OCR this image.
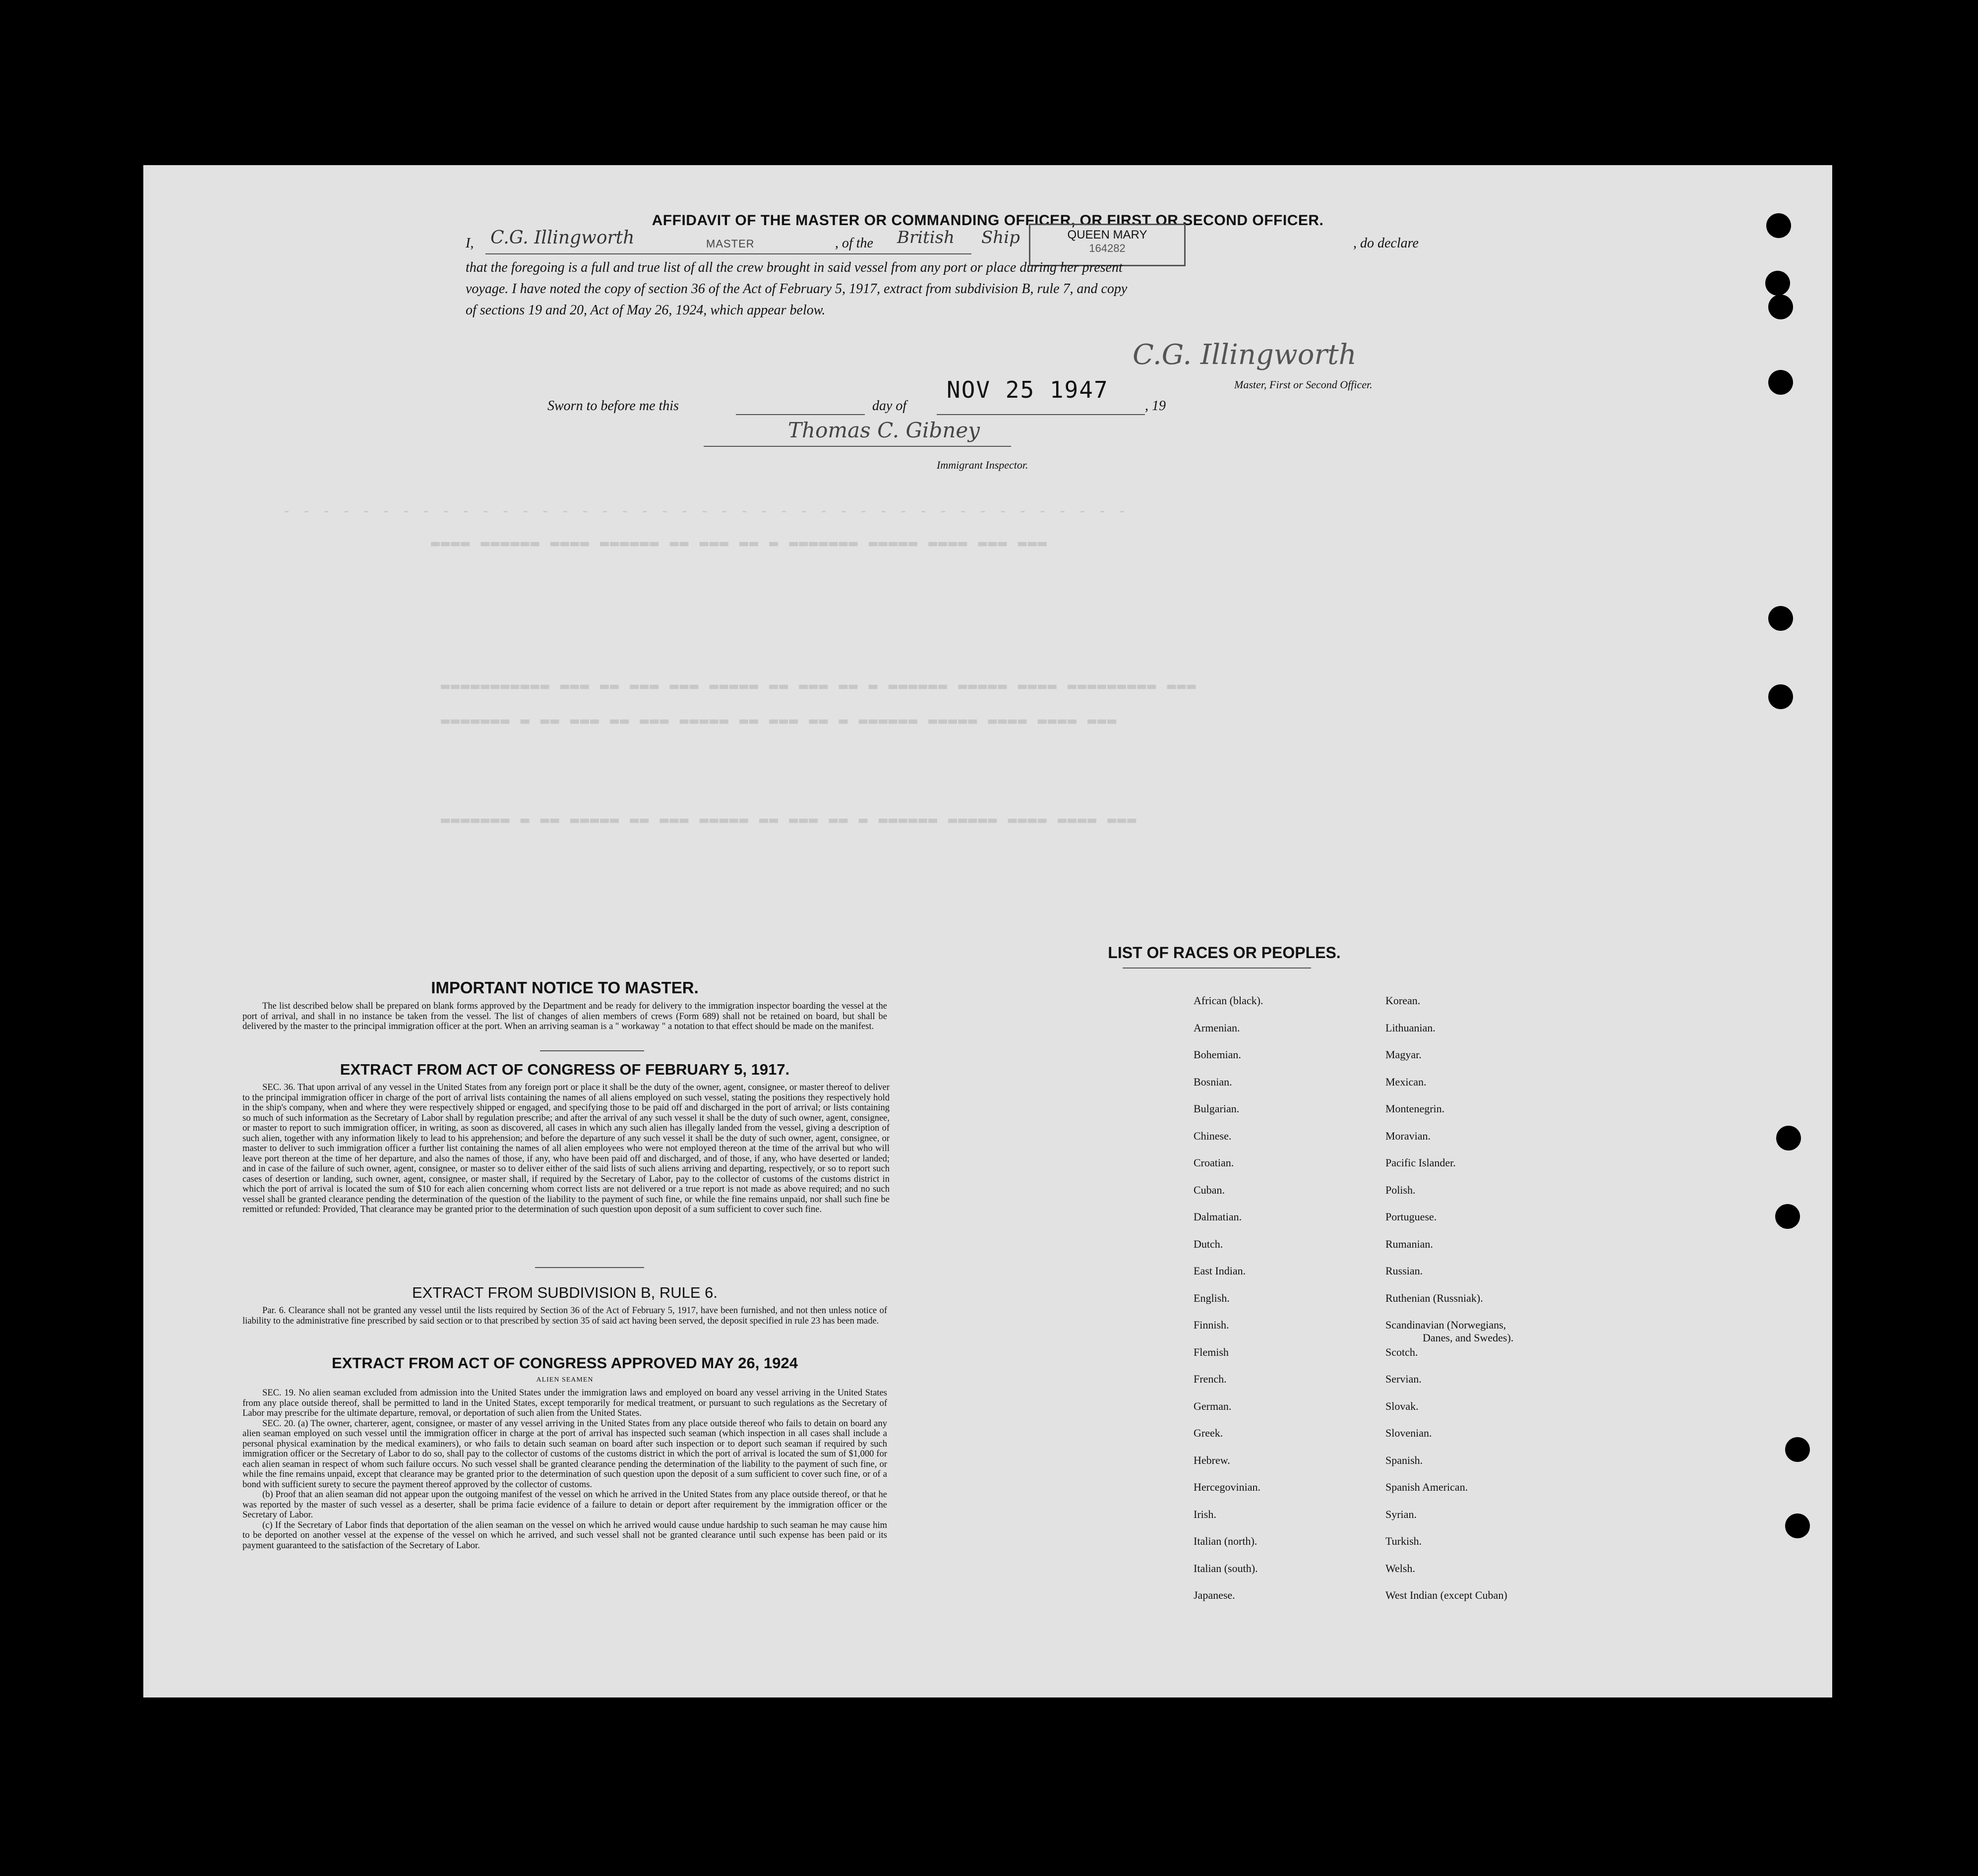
- - - - - - - - - - - - - - - - - - - - - - - - - - - - - - - - - - - - - - - - - - -
▬▬▬▬ ▬▬▬▬▬▬ ▬▬▬▬ ▬▬▬▬▬▬ ▬▬ ▬▬▬ ▬▬ ▬ ▬▬▬▬▬▬▬ ▬▬▬▬▬ ▬▬▬▬ ▬▬▬ ▬▬▬
▬▬▬▬▬▬▬▬▬▬▬ ▬▬▬ ▬▬ ▬▬▬ ▬▬▬ ▬▬▬▬▬ ▬▬ ▬▬▬ ▬▬ ▬ ▬▬▬▬▬▬ ▬▬▬▬▬ ▬▬▬▬ ▬▬▬▬▬▬▬▬▬ ▬▬▬
▬▬▬▬▬▬▬ ▬ ▬▬ ▬▬▬ ▬▬ ▬▬▬ ▬▬▬▬▬ ▬▬ ▬▬▬ ▬▬ ▬ ▬▬▬▬▬▬ ▬▬▬▬▬ ▬▬▬▬ ▬▬▬▬ ▬▬▬
▬▬▬▬▬▬▬ ▬ ▬▬ ▬▬▬▬▬ ▬▬ ▬▬▬ ▬▬▬▬▬ ▬▬ ▬▬▬ ▬▬ ▬ ▬▬▬▬▬▬ ▬▬▬▬▬ ▬▬▬▬ ▬▬▬▬ ▬▬▬
AFFIDAVIT OF THE MASTER OR COMMANDING OFFICER, OR FIRST OR SECOND OFFICER.
I, C.G. Illingworth	MASTER	, of the British Ship	QUEEN MARY
164282	, do declare
that the foregoing is a full and true list of all the crew brought in said vessel from any port or place during her present
voyage. I have noted the copy of section 36 of the Act of February 5, 1917, extract from subdivision B, rule 7, and copy
of sections 19 and 20, Act of May 26, 1924, which appear below.
C.G. Illingworth
Master, First or Second Officer.
NOV 25 1947
Sworn to before me this	day of	, 19
Thomas C. Gibney
Immigrant Inspector.
IMPORTANT NOTICE TO MASTER.
The list described below shall be prepared on blank forms approved by the Department and be ready for delivery to the immigration inspector boarding the vessel at the port of arrival, and shall in no instance be taken from the vessel. The list of changes of alien members of crews (Form 689) shall not be retained on board, but shall be delivered by the master to the principal immigration officer at the port. When an arriving seaman is a " workaway " a notation to that effect should be made on the manifest.
EXTRACT FROM ACT OF CONGRESS OF FEBRUARY 5, 1917.
SEC. 36. That upon arrival of any vessel in the United States from any foreign port or place it shall be the duty of the owner, agent, consignee, or master thereof to deliver to the principal immigration officer in charge of the port of arrival lists containing the names of all aliens employed on such vessel, stating the positions they respectively hold in the ship's company, when and where they were respectively shipped or engaged, and specifying those to be paid off and discharged in the port of arrival; or lists containing so much of such information as the Secretary of Labor shall by regulation prescribe; and after the arrival of any such vessel it shall be the duty of such owner, agent, consignee, or master to report to such immigration officer, in writing, as soon as discovered, all cases in which any such alien has illegally landed from the vessel, giving a description of such alien, together with any information likely to lead to his apprehension; and before the departure of any such vessel it shall be the duty of such owner, agent, consignee, or master to deliver to such immigration officer a further list containing the names of all alien employees who were not employed thereon at the time of the arrival but who will leave port thereon at the time of her departure, and also the names of those, if any, who have been paid off and discharged, and of those, if any, who have deserted or landed; and in case of the failure of such owner, agent, consignee, or master so to deliver either of the said lists of such aliens arriving and departing, respectively, or so to report such cases of desertion or landing, such owner, agent, consignee, or master shall, if required by the Secretary of Labor, pay to the collector of customs of the customs district in which the port of arrival is located the sum of $10 for each alien concerning whom correct lists are not delivered or a true report is not made as above required; and no such vessel shall be granted clearance pending the determination of the question of the liability to the payment of such fine, or while the fine remains unpaid, nor shall such fine be remitted or refunded: Provided, That clearance may be granted prior to the determination of such question upon deposit of a sum sufficient to cover such fine.
EXTRACT FROM SUBDIVISION B, RULE 6.
Par. 6. Clearance shall not be granted any vessel until the lists required by Section 36 of the Act of February 5, 1917, have been furnished, and not then unless notice of liability to the administrative fine prescribed by said section or to that prescribed by section 35 of said act having been served, the deposit specified in rule 23 has been made.
EXTRACT FROM ACT OF CONGRESS APPROVED MAY 26, 1924
ALIEN SEAMEN
SEC. 19. No alien seaman excluded from admission into the United States under the immigration laws and employed on board any vessel arriving in the United States from any place outside thereof, shall be permitted to land in the United States, except temporarily for medical treatment, or pursuant to such regulations as the Secretary of Labor may prescribe for the ultimate departure, removal, or deportation of such alien from the United States.
SEC. 20. (a) The owner, charterer, agent, consignee, or master of any vessel arriving in the United States from any place outside thereof who fails to detain on board any alien seaman employed on such vessel until the immigration officer in charge at the port of arrival has inspected such seaman (which inspection in all cases shall include a personal physical examination by the medical examiners), or who fails to detain such seaman on board after such inspection or to deport such seaman if required by such immigration officer or the Secretary of Labor to do so, shall pay to the collector of customs of the customs district in which the port of arrival is located the sum of $1,000 for each alien seaman in respect of whom such failure occurs. No such vessel shall be granted clearance pending the determination of the liability to the payment of such fine, or while the fine remains unpaid, except that clearance may be granted prior to the determination of such question upon the deposit of a sum sufficient to cover such fine, or of a bond with sufficient surety to secure the payment thereof approved by the collector of customs.
(b) Proof that an alien seaman did not appear upon the outgoing manifest of the vessel on which he arrived in the United States from any place outside thereof, or that he was reported by the master of such vessel as a deserter, shall be prima facie evidence of a failure to detain or deport after requirement by the immigration officer or the Secretary of Labor.
(c) If the Secretary of Labor finds that deportation of the alien seaman on the vessel on which he arrived would cause undue hardship to such seaman he may cause him to be deported on another vessel at the expense of the vessel on which he arrived, and such vessel shall not be granted clearance until such expense has been paid or its payment guaranteed to the satisfaction of the Secretary of Labor.
LIST OF RACES OR PEOPLES.
African (black).
Armenian.
Bohemian.
Bosnian.
Bulgarian.
Chinese.
Croatian.
Cuban.
Dalmatian.
Dutch.
East Indian.
English.
Finnish.
Flemish
French.
German.
Greek.
Hebrew.
Hercegovinian.
Irish.
Italian (north).
Italian (south).
Japanese.
Korean.
Lithuanian.
Magyar.
Mexican.
Montenegrin.
Moravian.
Pacific Islander.
Polish.
Portuguese.
Rumanian.
Russian.
Ruthenian (Russniak).
Scandinavian (Norwegians,
Scotch.
Servian.
Slovak.
Slovenian.
Spanish.
Spanish American.
Syrian.
Turkish.
Welsh.
West Indian (except Cuban)
Danes, and Swedes).
